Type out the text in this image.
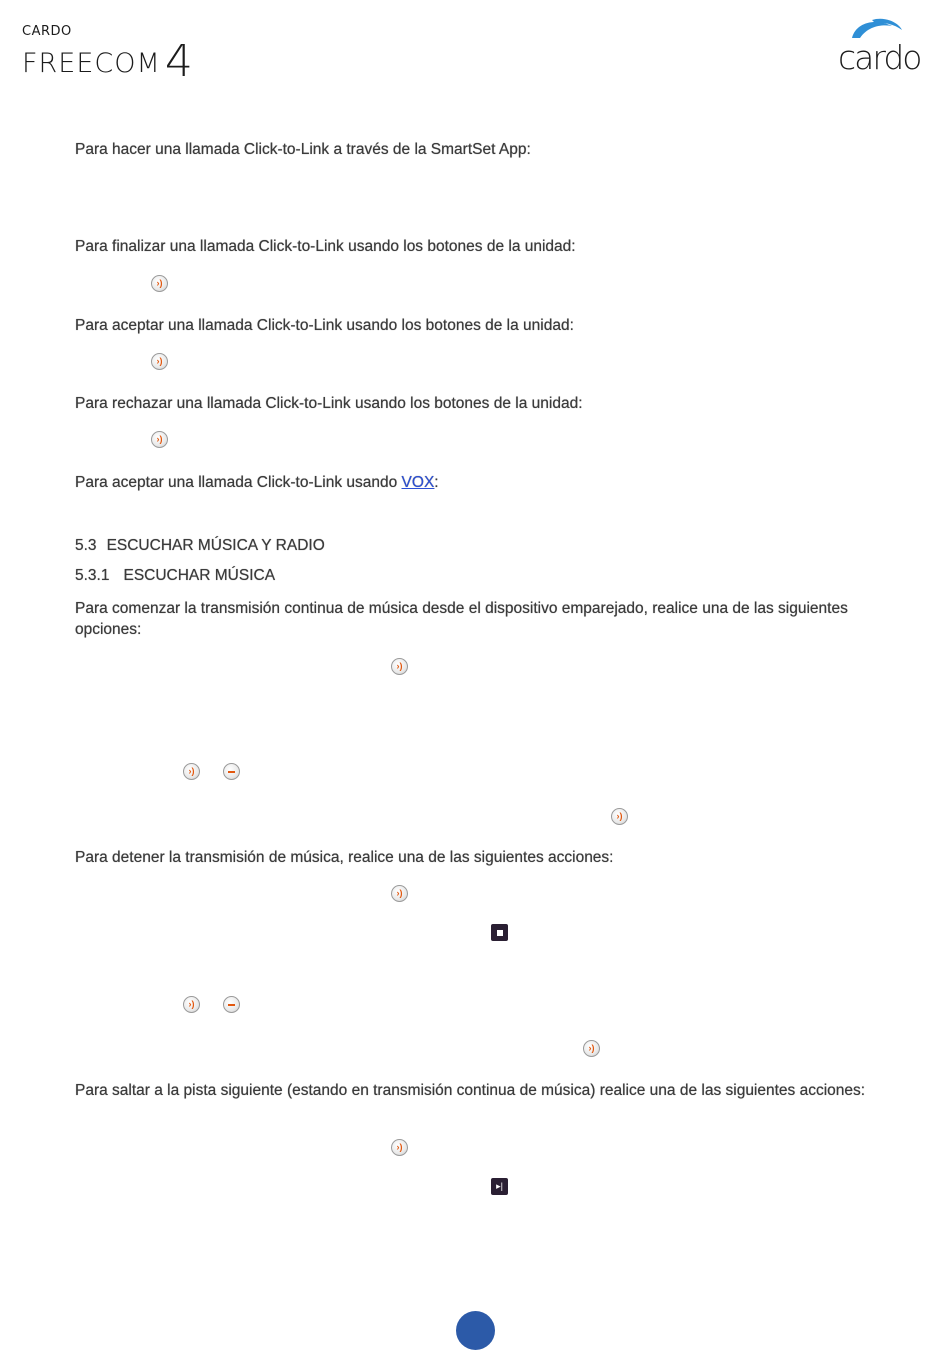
CARDO
FREECOM4	cardo
Para hacer una llamada Click-to-Link a través de la SmartSet App:
Para finalizar una llamada Click-to-Link usando los botones de la unidad:
›)
Para aceptar una llamada Click-to-Link usando los botones de la unidad:
›)
Para rechazar una llamada Click-to-Link usando los botones de la unidad:
›)
Para aceptar una llamada Click-to-Link usando VOX:
5.3 ESCUCHAR MÚSICA Y RADIO
5.3.1 ESCUCHAR MÚSICA
Para comenzar la transmisión continua de música desde el dispositivo emparejado, realice una de las siguientes opciones:
›)
›)
›)
Para detener la transmisión de música, realice una de las siguientes acciones:
›)
›)
›)
Para saltar a la pista siguiente (estando en transmisión continua de música) realice una de las siguientes acciones:
›)
▸|
